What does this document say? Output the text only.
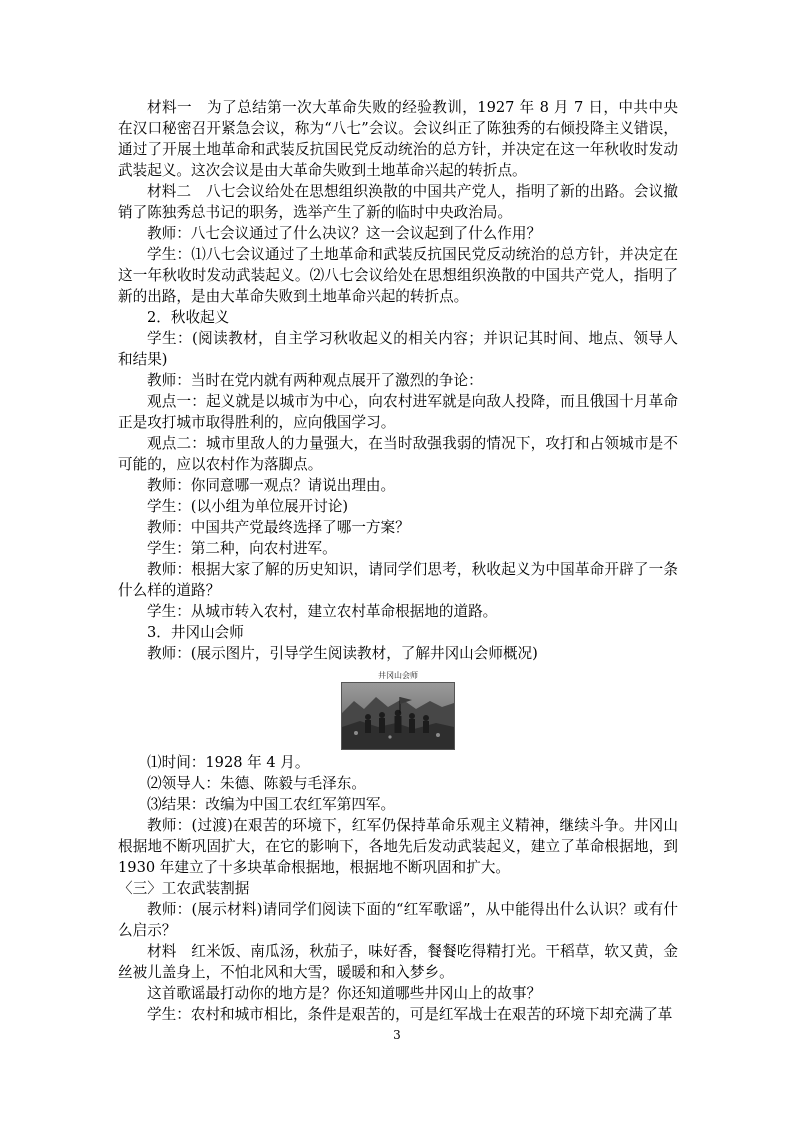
材料一　为了总结第一次大革命失败的经验教训，1927 年 8 月 7 日，中共中央在汉口秘密召开紧急会议，称为“八七”会议。会议纠正了陈独秀的右倾投降主义错误，通过了开展土地革命和武装反抗国民党反动统治的总方针，并决定在这一年秋收时发动武装起义。这次会议是由大革命失败到土地革命兴起的转折点。

材料二　八七会议给处在思想组织涣散的中国共产党人，指明了新的出路。会议撤销了陈独秀总书记的职务，选举产生了新的临时中央政治局。

教师：八七会议通过了什么决议？这一会议起到了什么作用？

学生：⑴八七会议通过了土地革命和武装反抗国民党反动统治的总方针，并决定在这一年秋收时发动武装起义。⑵八七会议给处在思想组织涣散的中国共产党人，指明了新的出路，是由大革命失败到土地革命兴起的转折点。

2．秋收起义

学生：(阅读教材，自主学习秋收起义的相关内容；并识记其时间、地点、领导人和结果)

教师：当时在党内就有两种观点展开了激烈的争论：

观点一：起义就是以城市为中心，向农村进军就是向敌人投降，而且俄国十月革命正是攻打城市取得胜利的，应向俄国学习。

观点二：城市里敌人的力量强大，在当时敌强我弱的情况下，攻打和占领城市是不可能的，应以农村作为落脚点。

教师：你同意哪一观点？请说出理由。

学生：(以小组为单位展开讨论)

教师：中国共产党最终选择了哪一方案？

学生：第二种，向农村进军。

教师：根据大家了解的历史知识，请同学们思考，秋收起义为中国革命开辟了一条什么样的道路？

学生：从城市转入农村，建立农村革命根据地的道路。

3．井冈山会师

教师：(展示图片，引导学生阅读教材，了解井冈山会师概况)

井冈山会师

⑴时间：1928 年 4 月。

⑵领导人：朱德、陈毅与毛泽东。

⑶结果：改编为中国工农红军第四军。

教师：(过渡)在艰苦的环境下，红军仍保持革命乐观主义精神，继续斗争。井冈山根据地不断巩固扩大，在它的影响下，各地先后发动武装起义，建立了革命根据地，到 1930 年建立了十多块革命根据地，根据地不断巩固和扩大。

〈三〉工农武装割据

教师：(展示材料)请同学们阅读下面的“红军歌谣”，从中能得出什么认识？或有什么启示？

材料　红米饭、南瓜汤，秋茄子，味好香，餐餐吃得精打光。干稻草，软又黄，金丝被儿盖身上，不怕北风和大雪，暖暖和和入梦乡。

这首歌谣最打动你的地方是？你还知道哪些井冈山上的故事？

学生：农村和城市相比，条件是艰苦的，可是红军战士在艰苦的环境下却充满了革

3
